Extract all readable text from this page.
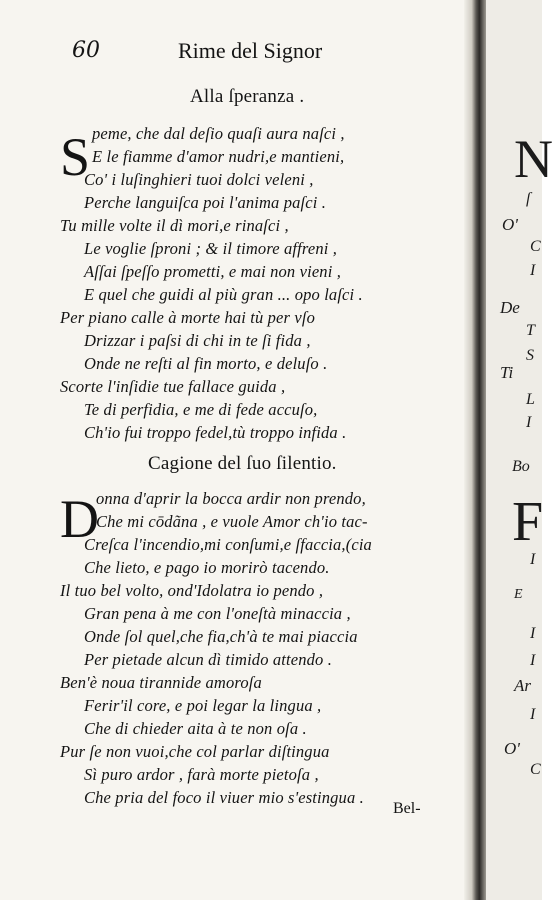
60	Rime del Signor
Alla ſperanza .
S peme, che dal deſio quaſi aura naſci ,
E le fiamme d'amor nudri,e mantieni,
Co' i luſinghieri tuoi dolci veleni ,
Perche languiſca poi l'anima paſci .
Tu mille volte il dì mori,e rinaſci ,
Le voglie ſproni ; & il timore affreni ,
Aſſai ſpeſſo prometti, e mai non vieni ,
E quel che guidi al più gran ... opo laſci .
Per piano calle à morte hai tù per vſo
Drizzar i paſsi di chi in te ſi fida ,
Onde ne reſti al fin morto, e deluſo .
Scorte l'inſidie tue fallace guida ,
Te di perfidia, e me di fede accuſo,
Ch'io fui troppo fedel,tù troppo infida .
Cagione del ſuo ſilentio.
D
onna d'aprir la bocca ardir non prendo,
Che mi cōdãna , e vuole Amor ch'io tac-
Creſca l'incendio,mi conſumi,e ſfaccia,(cia
Che lieto, e pago io morirò tacendo.
Il tuo bel volto, ond'Idolatra io pendo ,
Gran pena à me con l'oneſtà minaccia ,
Onde ſol quel,che fia,ch'à te mai piaccia
Per pietade alcun dì timido attendo .
Ben'è noua tirannide amoroſa
Ferir'il core, e poi legar la lingua ,
Che di chieder aita à te non oſa .
Pur ſe non vuoi,che col parlar diſtingua
Sì puro ardor , farà morte pietoſa ,
Che pria del foco il viuer mio s'estingua .
Bel-
N
ſ
O'
C
I
De
T
S
Ti
L
I
Bo
F
I
E
I
I
Ar
I
O'
C
